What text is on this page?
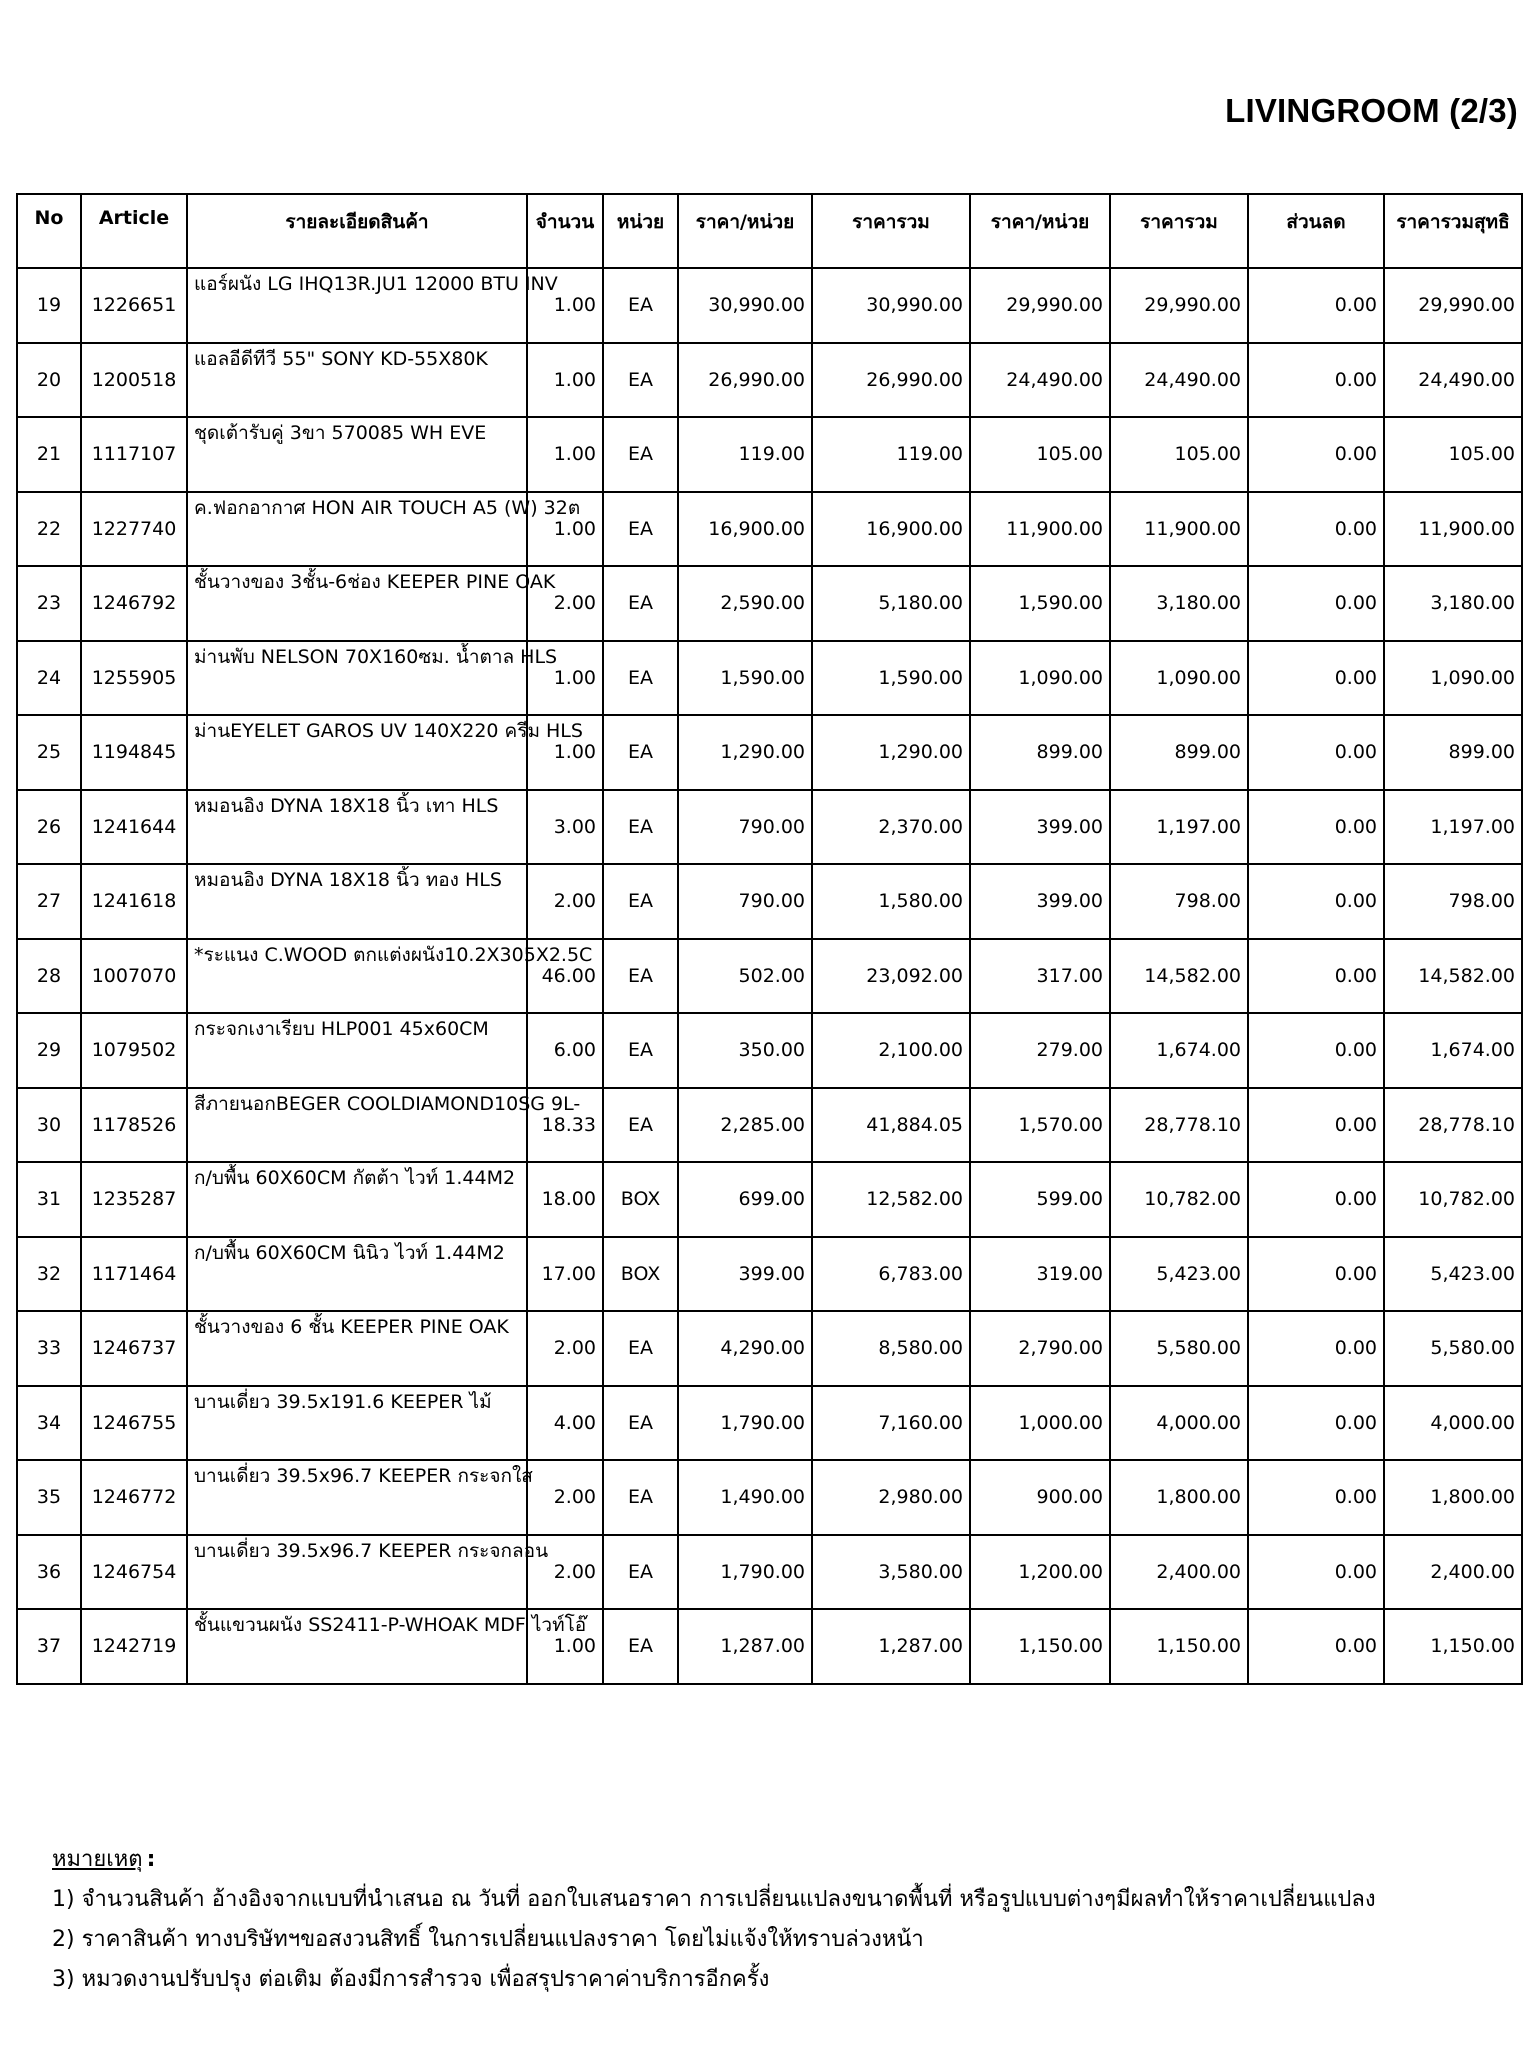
LIVINGROOM (2/3)
No	Article	รายละเอียดสินค้า	จำนวน	หน่วย	ราคา/หน่วย	ราคารวม	ราคา/หน่วย	ราคารวม	ส่วนลด	ราคารวมสุทธิ
19	1226651	แอร์ผนัง LG IHQ13R.JU1 12000 BTU INV	1.00	EA	30,990.00	30,990.00	29,990.00	29,990.00	0.00	29,990.00
20	1200518	แอลอีดีทีวี 55" SONY KD-55X80K	1.00	EA	26,990.00	26,990.00	24,490.00	24,490.00	0.00	24,490.00
21	1117107	ชุดเต้ารับคู่ 3ขา 570085 WH EVE	1.00	EA	119.00	119.00	105.00	105.00	0.00	105.00
22	1227740	ค.ฟอกอากาศ HON AIR TOUCH A5 (W) 32ต	1.00	EA	16,900.00	16,900.00	11,900.00	11,900.00	0.00	11,900.00
23	1246792	ชั้นวางของ 3ชั้น-6ช่อง KEEPER PINE OAK	2.00	EA	2,590.00	5,180.00	1,590.00	3,180.00	0.00	3,180.00
24	1255905	ม่านพับ NELSON 70X160ซม. น้ำตาล HLS	1.00	EA	1,590.00	1,590.00	1,090.00	1,090.00	0.00	1,090.00
25	1194845	ม่านEYELET GAROS UV 140X220 ครีม HLS	1.00	EA	1,290.00	1,290.00	899.00	899.00	0.00	899.00
26	1241644	หมอนอิง DYNA 18X18 นิ้ว เทา HLS	3.00	EA	790.00	2,370.00	399.00	1,197.00	0.00	1,197.00
27	1241618	หมอนอิง DYNA 18X18 นิ้ว ทอง HLS	2.00	EA	790.00	1,580.00	399.00	798.00	0.00	798.00
28	1007070	*ระแนง C.WOOD ตกแต่งผนัง10.2X305X2.5C	46.00	EA	502.00	23,092.00	317.00	14,582.00	0.00	14,582.00
29	1079502	กระจกเงาเรียบ HLP001 45x60CM	6.00	EA	350.00	2,100.00	279.00	1,674.00	0.00	1,674.00
30	1178526	สีภายนอกBEGER COOLDIAMOND10SG 9L-	18.33	EA	2,285.00	41,884.05	1,570.00	28,778.10	0.00	28,778.10
31	1235287	ก/บพื้น 60X60CM กัตต้า ไวท์ 1.44M2	18.00	BOX	699.00	12,582.00	599.00	10,782.00	0.00	10,782.00
32	1171464	ก/บพื้น 60X60CM นินิว ไวท์ 1.44M2	17.00	BOX	399.00	6,783.00	319.00	5,423.00	0.00	5,423.00
33	1246737	ชั้นวางของ 6 ชั้น KEEPER PINE OAK	2.00	EA	4,290.00	8,580.00	2,790.00	5,580.00	0.00	5,580.00
34	1246755	บานเดี่ยว 39.5x191.6 KEEPER ไม้	4.00	EA	1,790.00	7,160.00	1,000.00	4,000.00	0.00	4,000.00
35	1246772	บานเดี่ยว 39.5x96.7 KEEPER กระจกใส	2.00	EA	1,490.00	2,980.00	900.00	1,800.00	0.00	1,800.00
36	1246754	บานเดี่ยว 39.5x96.7 KEEPER กระจกลอน	2.00	EA	1,790.00	3,580.00	1,200.00	2,400.00	0.00	2,400.00
37	1242719	ชั้นแขวนผนัง SS2411-P-WHOAK MDF ไวท์โอ๊	1.00	EA	1,287.00	1,287.00	1,150.00	1,150.00	0.00	1,150.00
หมายเหตุ :
1) จำนวนสินค้า อ้างอิงจากแบบที่นำเสนอ ณ วันที่ ออกใบเสนอราคา การเปลี่ยนแปลงขนาดพื้นที่ หรือรูปแบบต่างๆมีผลทำให้ราคาเปลี่ยนแปลง
2) ราคาสินค้า ทางบริษัทฯขอสงวนสิทธิ์ ในการเปลี่ยนแปลงราคา โดยไม่แจ้งให้ทราบล่วงหน้า
3) หมวดงานปรับปรุง ต่อเติม ต้องมีการสำรวจ เพื่อสรุปราคาค่าบริการอีกครั้ง
